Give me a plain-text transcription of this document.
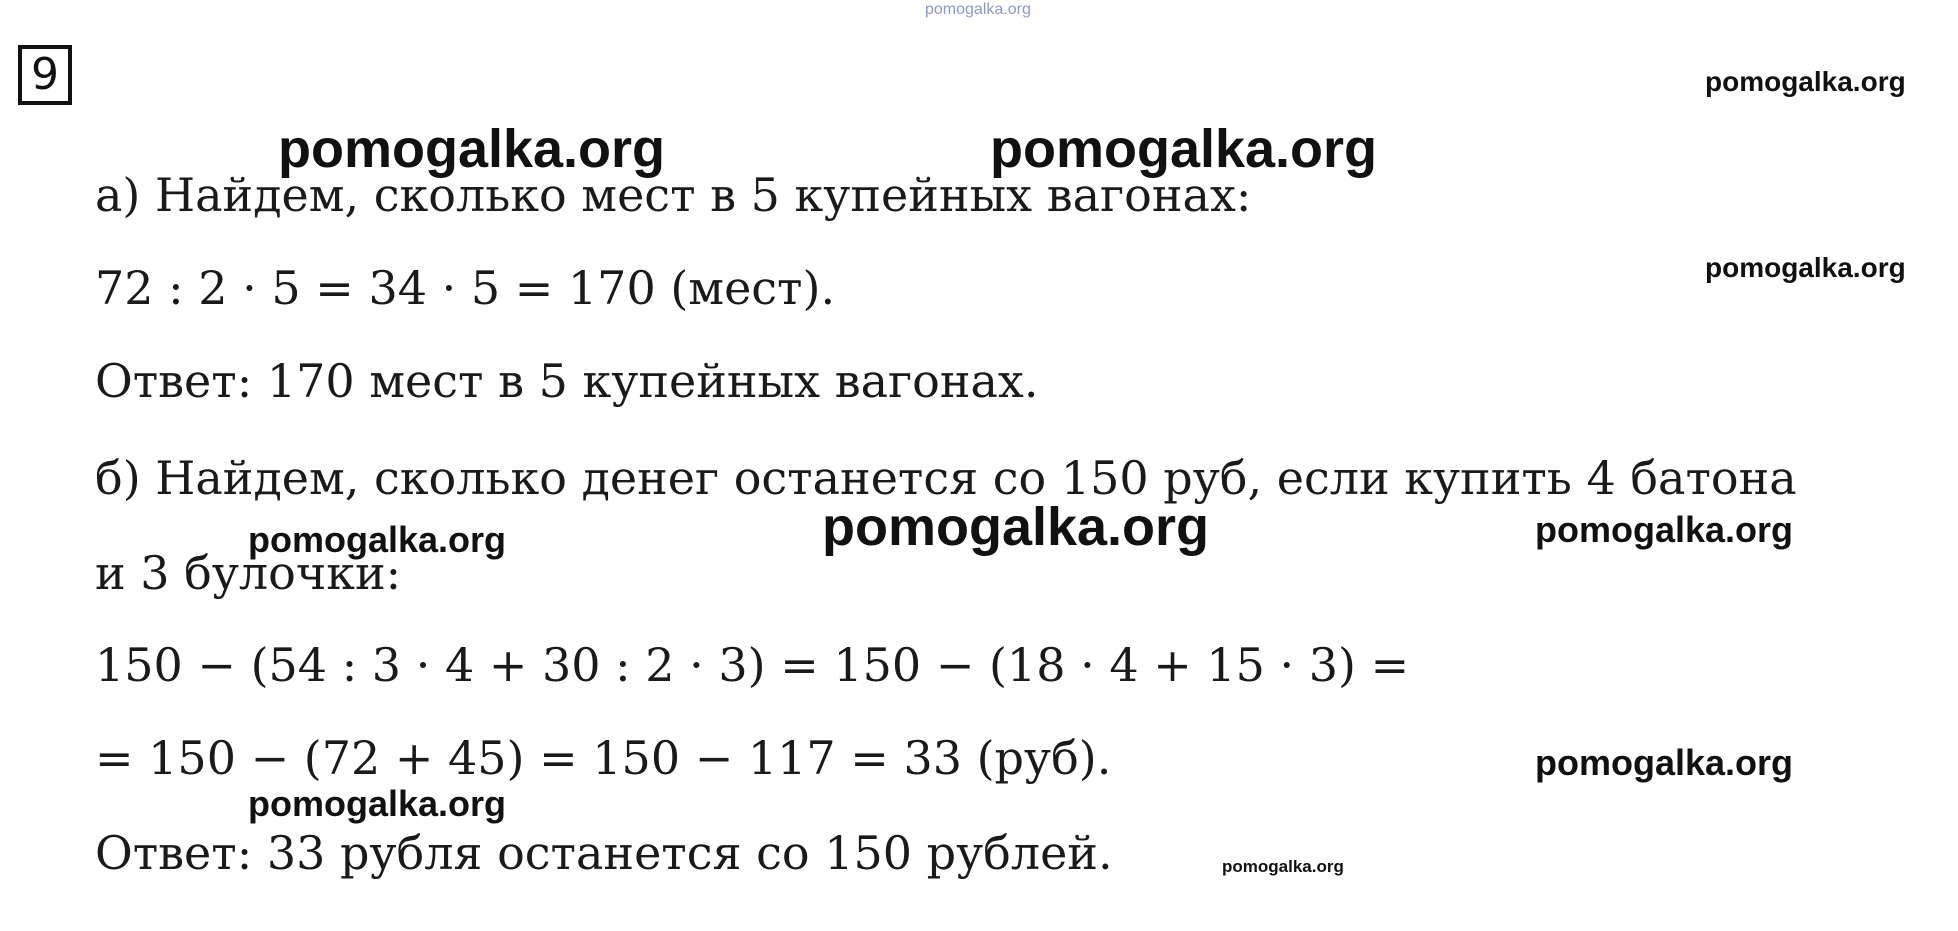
pomogalka.org
9	pomogalka.org
pomogalka.org	pomogalka.org
а) Найдем, сколько мест в 5 купейных вагонах:
pomogalka.org
72 : 2 · 5 = 34 · 5 = 170 (мест).
Ответ: 170 мест в 5 купейных вагонах.
б) Найдем, сколько денег останется со 150 руб, если купить 4 батона
pomogalka.org	pomogalka.org	pomogalka.org
и 3 булочки:
150 − (54 : 3 · 4 + 30 : 2 · 3) = 150 − (18 · 4 + 15 · 3) =
pomogalka.org
= 150 − (72 + 45) = 150 − 117 = 33 (руб).
pomogalka.org
Ответ: 33 рубля останется со 150 рублей.	pomogalka.org
